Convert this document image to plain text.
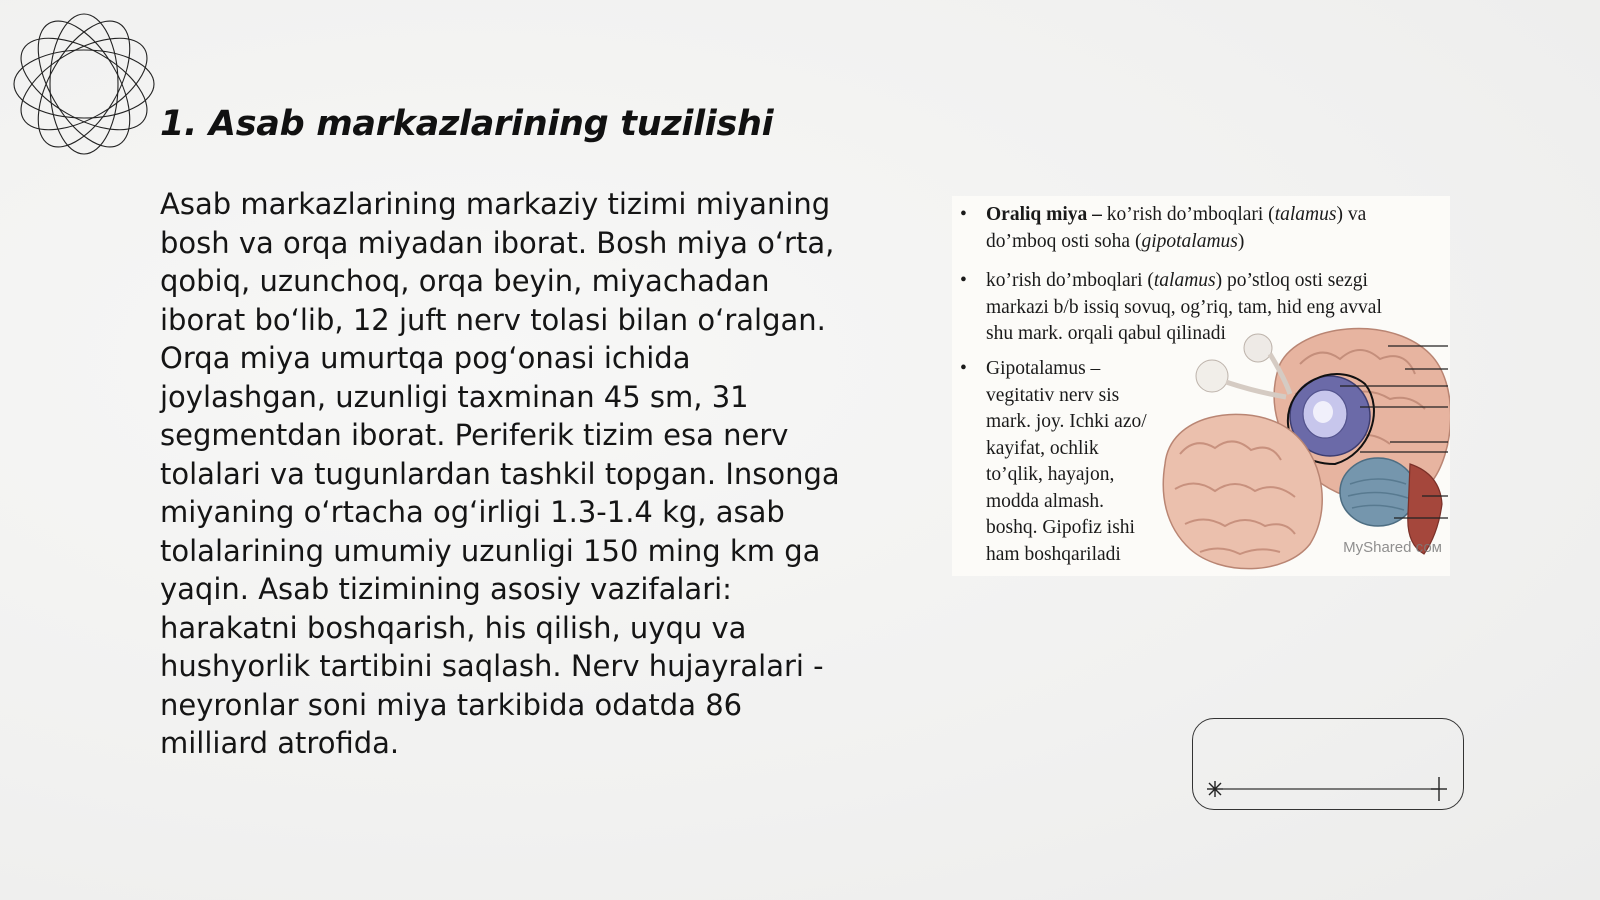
1. Asab markazlarining tuzilishi

Asab markazlarining markaziy tizimi miyaning bosh va orqa miyadan iborat. Bosh miya o‘rta, qobiq, uzunchoq, orqa beyin, miyachadan iborat bo‘lib, 12 juft nerv tolasi bilan o‘ralgan. Orqa miya umurtqa pog‘onasi ichida joylashgan, uzunligi taxminan 45 sm, 31 segmentdan iborat. Periferik tizim esa nerv tolalari va tugunlardan tashkil topgan. Insonga miyaning o‘rtacha og‘irligi 1.3-1.4 kg, asab tolalarining umumiy uzunligi 150 ming km ga yaqin. Asab tizimining asosiy vazifalari: harakatni boshqarish, his qilish, uyqu va hushyorlik tartibini saqlash. Nerv hujayralari - neyronlar soni miya tarkibida odatda 86 milliard atrofida.

• Oraliq miya – ko’rish do’mboqlari (talamus) va
do’mboq osti soha (gipotalamus)
• ko’rish do’mboqlari (talamus) po’stloq osti sezgi
markazi b/b issiq sovuq, og’riq, tam, hid eng avval
shu mark. orqali qabul qilinadi
• Gipotalamus –
vegitativ nerv sis
mark. joy. Ichki azo/
kayifat, ochlik
to’qlik, hayajon,
modda almash.
boshq. Gipofiz ishi
ham boshqariladi	MyShared сом
